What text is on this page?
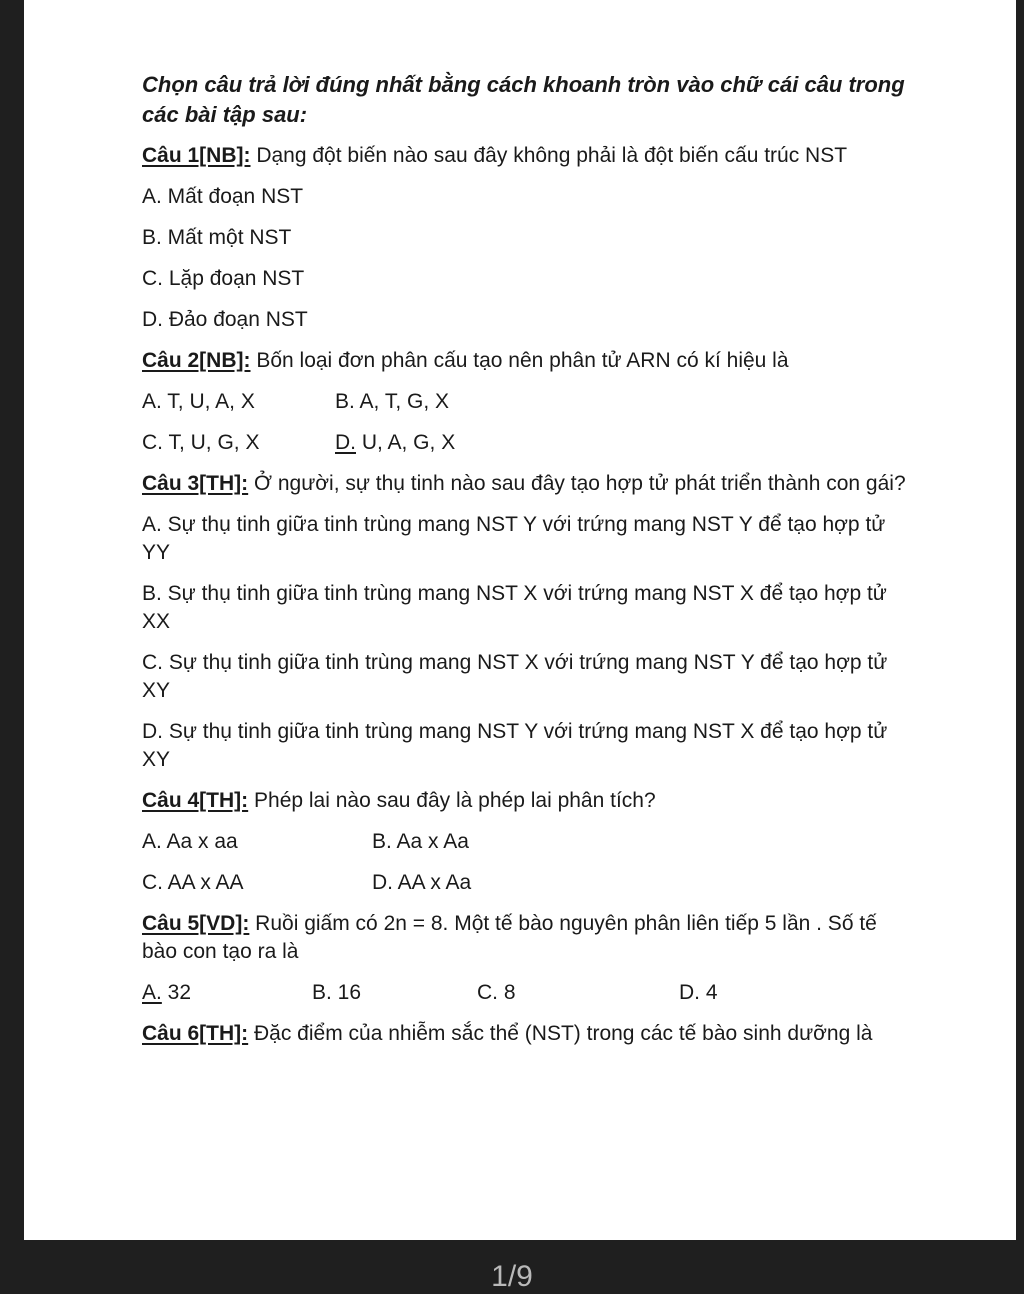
Chọn câu trả lời đúng nhất bằng cách khoanh tròn vào chữ cái câu trong các bài tập sau:
Câu 1[NB]: Dạng đột biến nào sau đây không phải là đột biến cấu trúc NST
A. Mất đoạn NST
B. Mất một NST
C. Lặp đoạn NST
D. Đảo đoạn NST
Câu 2[NB]: Bốn loại đơn phân cấu tạo nên phân tử ARN có kí hiệu là
A. T, U, A, X	B. A, T, G, X
C. T, U, G, X	D. U, A, G, X
Câu 3[TH]: Ở người, sự thụ tinh nào sau đây tạo hợp tử phát triển thành con gái?
A. Sự thụ tinh giữa tinh trùng mang NST Y với trứng mang NST Y để tạo hợp tử YY
B. Sự thụ tinh giữa tinh trùng mang NST X với trứng mang NST X để tạo hợp tử XX
C. Sự thụ tinh giữa tinh trùng mang NST X với trứng mang NST Y để tạo hợp tử XY
D. Sự thụ tinh giữa tinh trùng mang NST Y với trứng mang NST X để tạo hợp tử XY
Câu 4[TH]: Phép lai nào sau đây là phép lai phân tích?
A. Aa x aa	B. Aa x Aa
C. AA x AA	D. AA x Aa
Câu 5[VD]: Ruồi giấm có 2n = 8. Một tế bào nguyên phân liên tiếp 5 lần . Số tế bào con tạo ra là
A. 32	B. 16	C. 8	D. 4
Câu 6[TH]: Đặc điểm của nhiễm sắc thể (NST) trong các tế bào sinh dưỡng là
1/9
